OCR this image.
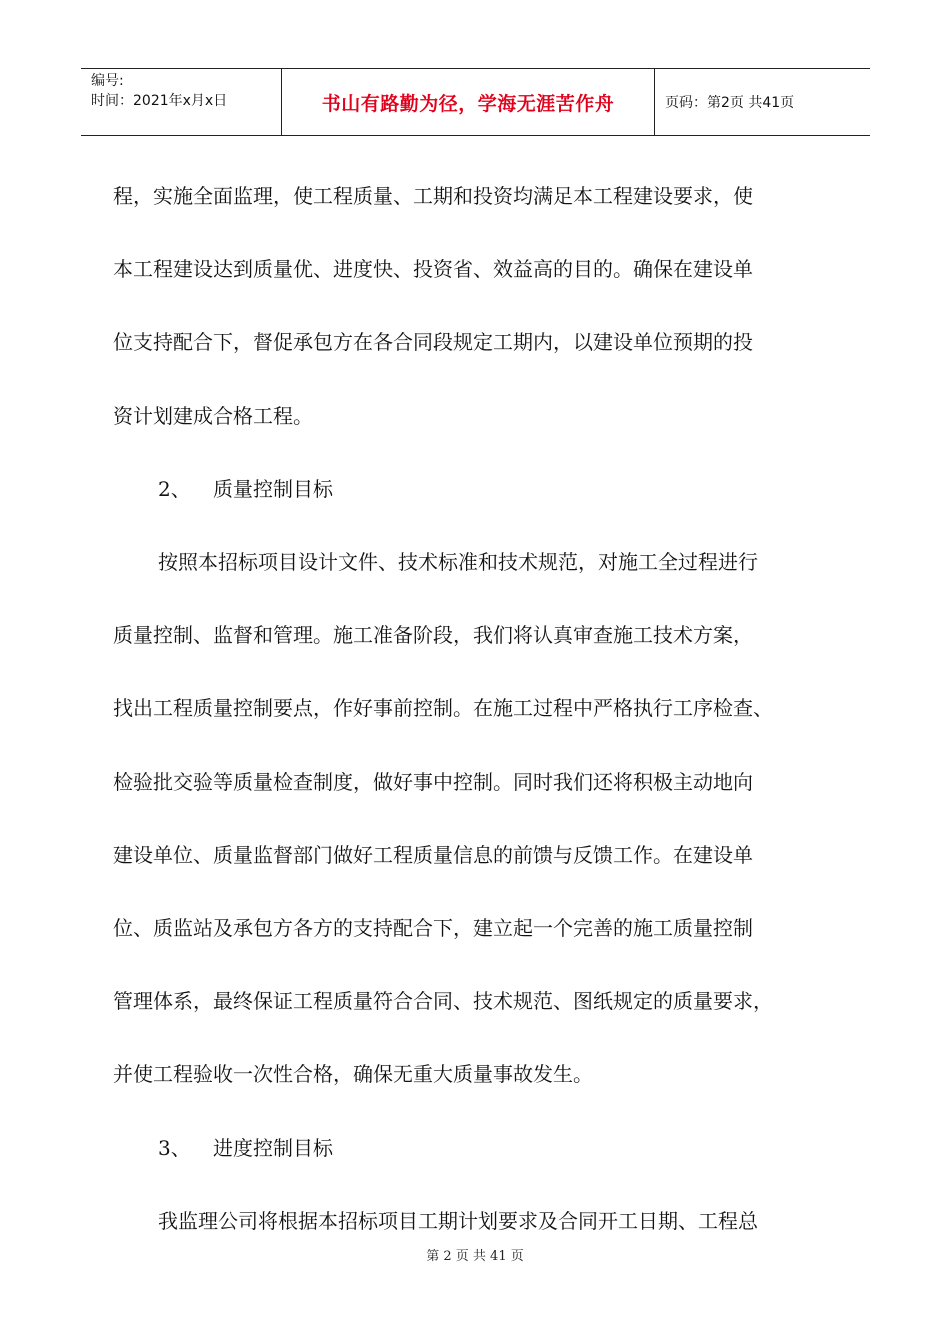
编号:
时间：2021年x月x日	书山有路勤为径，学海无涯苦作舟	页码：第2页 共41页

程，实施全面监理，使工程质量、工期和投资均满足本工程建设要求，使

本工程建设达到质量优、进度快、投资省、效益高的目的。确保在建设单

位支持配合下，督促承包方在各合同段规定工期内，以建设单位预期的投

资计划建成合格工程。

2、 质量控制目标

按照本招标项目设计文件、技术标准和技术规范，对施工全过程进行

质量控制、监督和管理。施工准备阶段，我们将认真审查施工技术方案，

找出工程质量控制要点，作好事前控制。在施工过程中严格执行工序检查、

检验批交验等质量检查制度，做好事中控制。同时我们还将积极主动地向

建设单位、质量监督部门做好工程质量信息的前馈与反馈工作。在建设单

位、质监站及承包方各方的支持配合下，建立起一个完善的施工质量控制

管理体系，最终保证工程质量符合合同、技术规范、图纸规定的质量要求，

并使工程验收一次性合格，确保无重大质量事故发生。

3、 进度控制目标

我监理公司将根据本招标项目工期计划要求及合同开工日期、工程总

第 2 页 共 41 页
